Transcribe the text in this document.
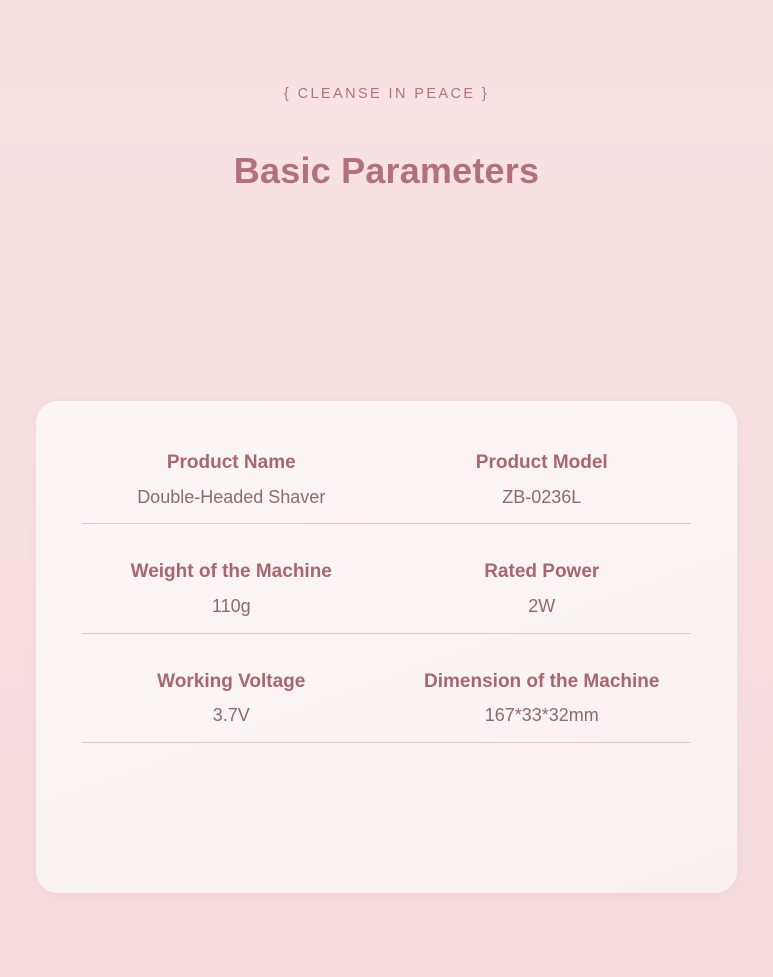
{ CLEANSE IN PEACE }
Basic Parameters
Product Name
Double-Headed Shaver
Product Model
ZB-0236L
Weight of the Machine
110g
Rated Power
2W
Working Voltage
3.7V
Dimension of the Machine
167*33*32mm
